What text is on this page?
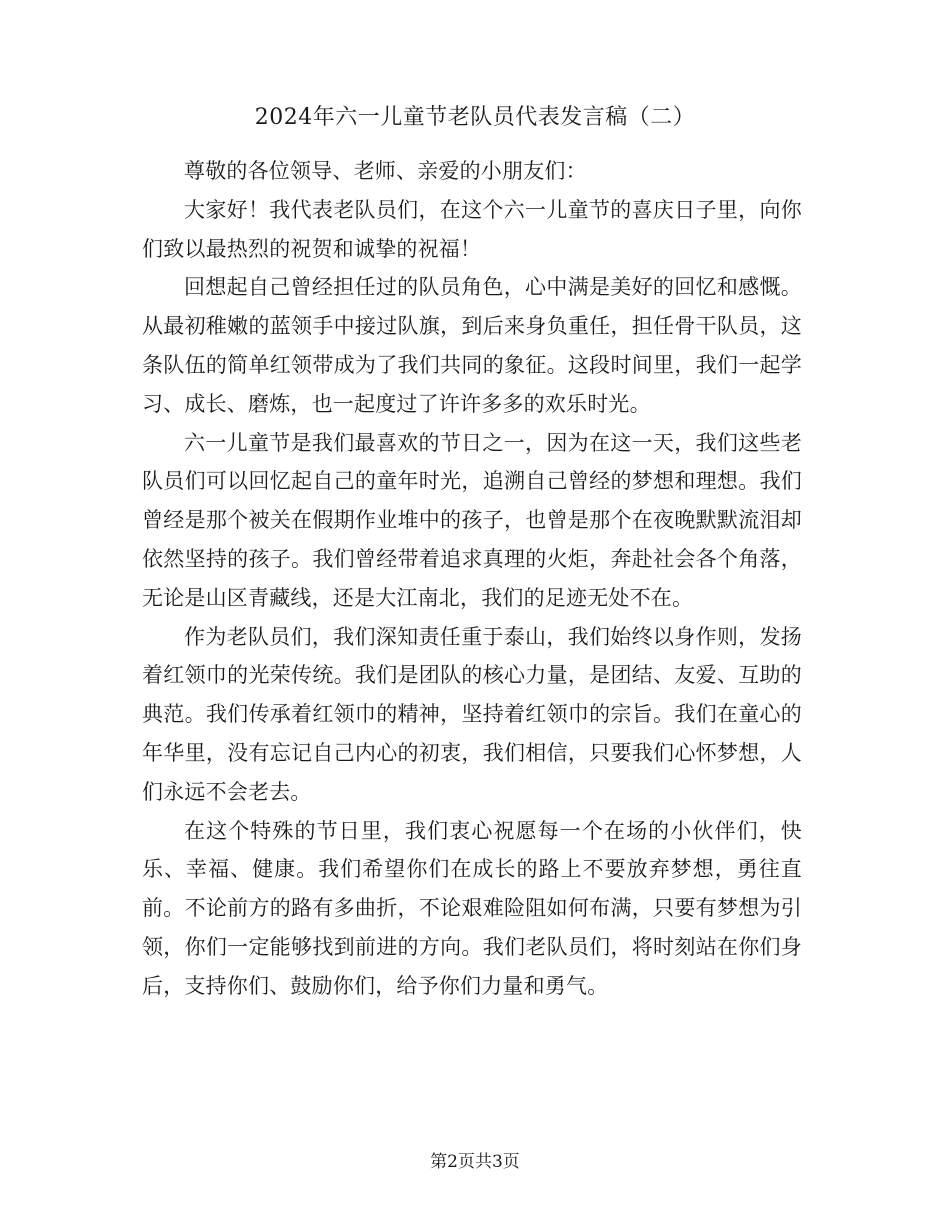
2024年六一儿童节老队员代表发言稿（二）

尊敬的各位领导、老师、亲爱的小朋友们：

大家好！我代表老队员们，在这个六一儿童节的喜庆日子里，向你们致以最热烈的祝贺和诚挚的祝福！

回想起自己曾经担任过的队员角色，心中满是美好的回忆和感慨。从最初稚嫩的蓝领手中接过队旗，到后来身负重任，担任骨干队员，这条队伍的简单红领带成为了我们共同的象征。这段时间里，我们一起学习、成长、磨炼，也一起度过了许许多多的欢乐时光。

六一儿童节是我们最喜欢的节日之一，因为在这一天，我们这些老队员们可以回忆起自己的童年时光，追溯自己曾经的梦想和理想。我们曾经是那个被关在假期作业堆中的孩子，也曾是那个在夜晚默默流泪却依然坚持的孩子。我们曾经带着追求真理的火炬，奔赴社会各个角落，无论是山区青藏线，还是大江南北，我们的足迹无处不在。

作为老队员们，我们深知责任重于泰山，我们始终以身作则，发扬着红领巾的光荣传统。我们是团队的核心力量，是团结、友爱、互助的典范。我们传承着红领巾的精神，坚持着红领巾的宗旨。我们在童心的年华里，没有忘记自己内心的初衷，我们相信，只要我们心怀梦想，人们永远不会老去。

在这个特殊的节日里，我们衷心祝愿每一个在场的小伙伴们，快乐、幸福、健康。我们希望你们在成长的路上不要放弃梦想，勇往直前。不论前方的路有多曲折，不论艰难险阻如何布满，只要有梦想为引领，你们一定能够找到前进的方向。我们老队员们，将时刻站在你们身后，支持你们、鼓励你们，给予你们力量和勇气。

第2页共3页
